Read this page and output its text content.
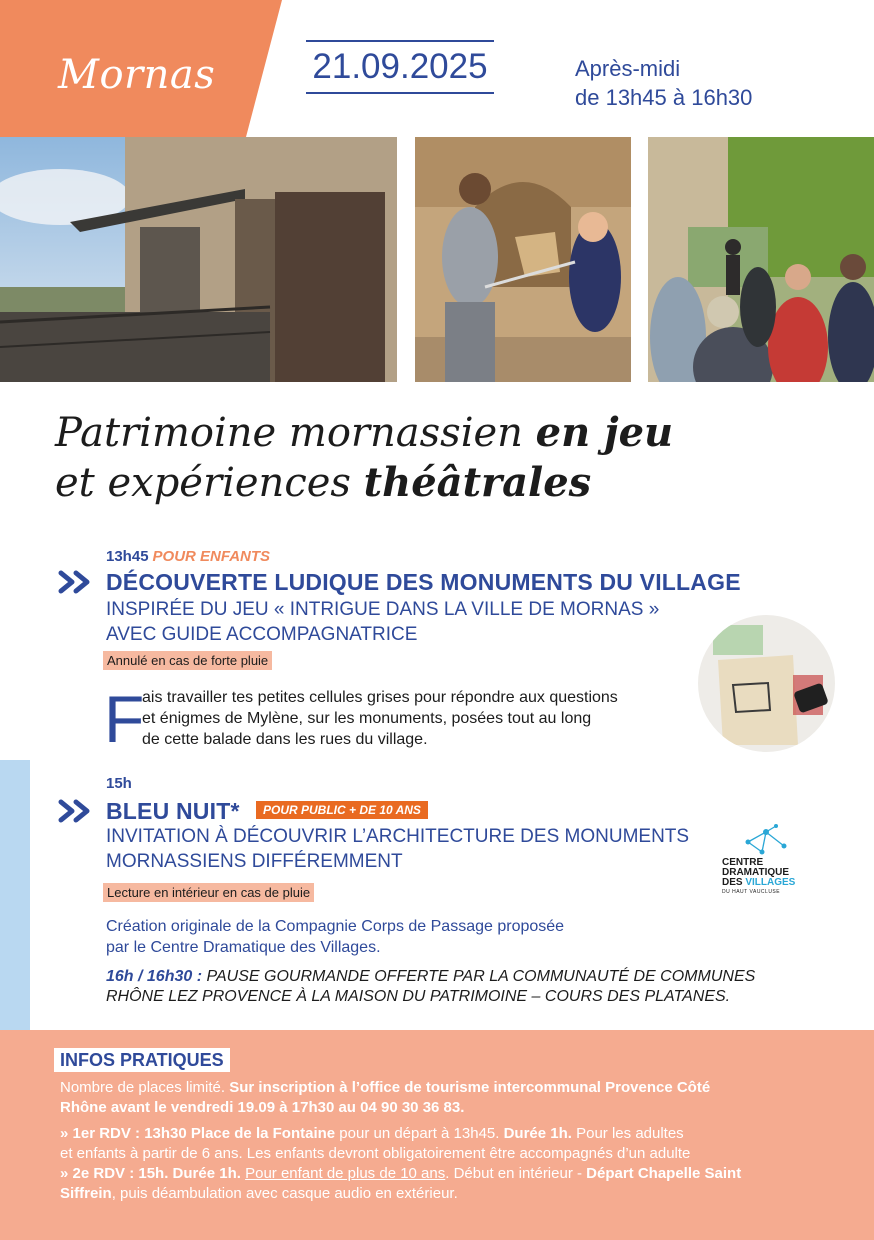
Mornas	21.09.2025	Après-midi
de 13h45 à 16h30
Patrimoine mornassien en jeu
et expériences théâtrales
13h45 POUR ENFANTS
DÉCOUVERTE LUDIQUE DES MONUMENTS DU VILLAGE
INSPIRÉE DU JEU « INTRIGUE DANS LA VILLE DE MORNAS »
AVEC GUIDE ACCOMPAGNATRICE
Annulé en cas de forte pluie
F
ais travailler tes petites cellules grises pour répondre aux questions
et énigmes de Mylène, sur les monuments, posées tout au long
de cette balade dans les rues du village.
15h
BLEU NUIT*	POUR PUBLIC + DE 10 ANS
INVITATION À DÉCOUVRIR L’ARCHITECTURE DES MONUMENTS
MORNASSIENS DIFFÉREMMENT
Lecture en intérieur en cas de pluie
Création originale de la Compagnie Corps de Passage proposée
par le Centre Dramatique des Villages.
16h / 16h30 : PAUSE GOURMANDE OFFERTE PAR LA COMMUNAUTÉ DE COMMUNES
RHÔNE LEZ PROVENCE À LA MAISON DU PATRIMOINE – COURS DES PLATANES.
CENTRE
DRAMATIQUE
DES VILLAGES
DU HAUT VAUCLUSE
INFOS PRATIQUES
Nombre de places limité. Sur inscription à l’office de tourisme intercommunal Provence Côté
Rhône avant le vendredi 19.09 à 17h30 au 04 90 30 36 83.
» 1er RDV : 13h30 Place de la Fontaine pour un départ à 13h45. Durée 1h. Pour les adultes
et enfants à partir de 6 ans. Les enfants devront obligatoirement être accompagnés d’un adulte
» 2e RDV : 15h. Durée 1h. Pour enfant de plus de 10 ans. Début en intérieur - Départ Chapelle Saint
Siffrein, puis déambulation avec casque audio en extérieur.
